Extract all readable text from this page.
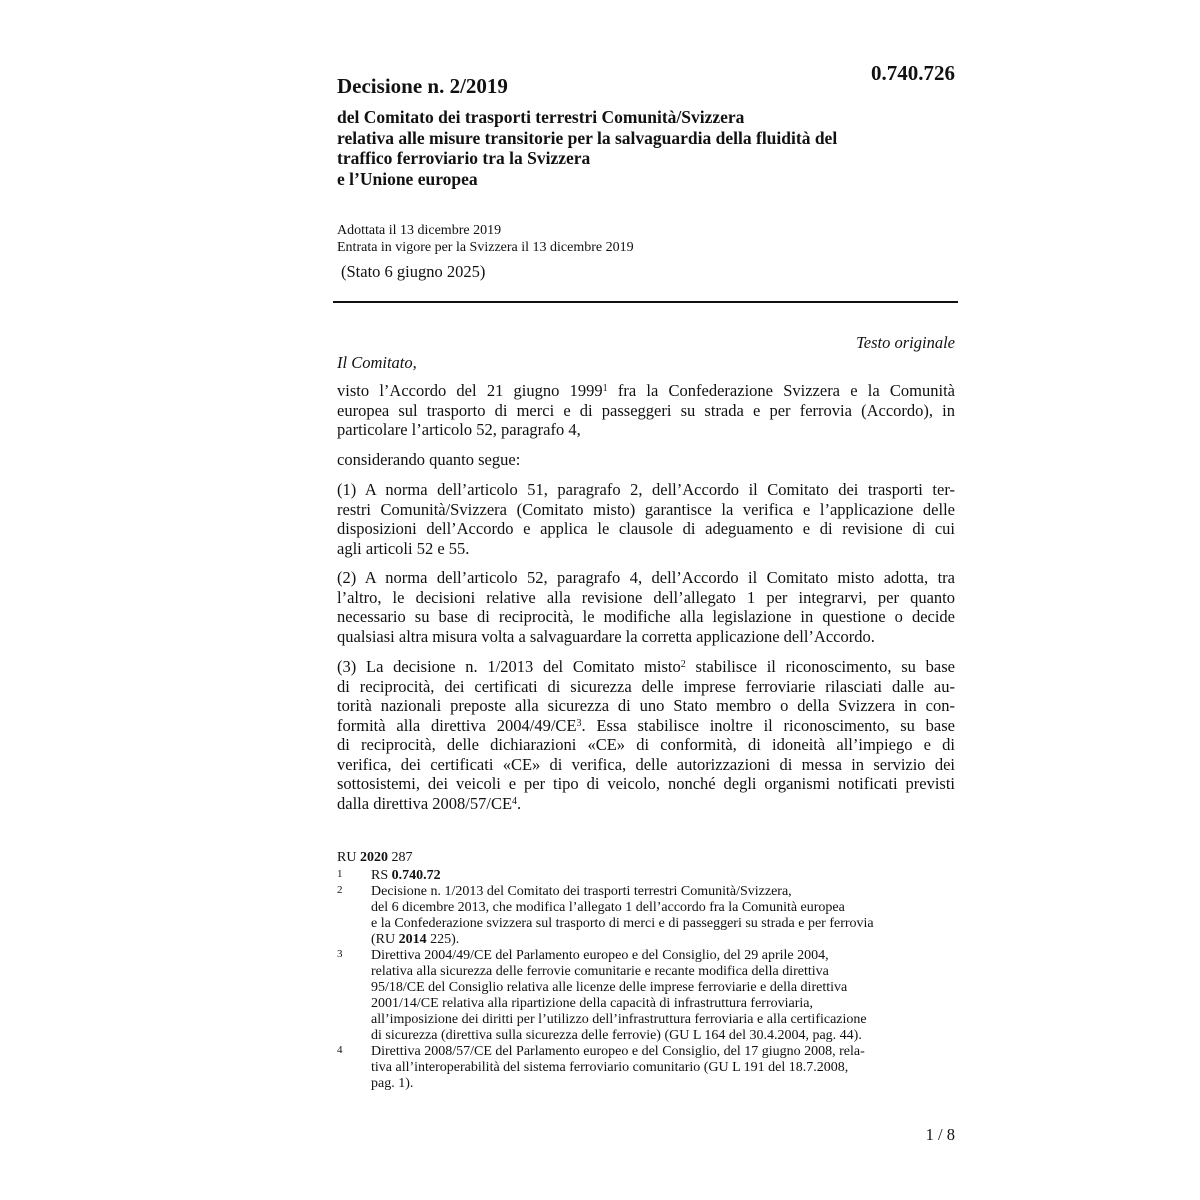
0.740.726
Decisione n. 2/2019
del Comitato dei trasporti terrestri Comunità/Svizzera
relativa alle misure transitorie per la salvaguardia della fluidità del
traffico ferroviario tra la Svizzera
e l’Unione europea
Adottata il 13 dicembre 2019
Entrata in vigore per la Svizzera il 13 dicembre 2019
(Stato 6 giugno 2025)
Testo originale
Il Comitato,
visto l’Accordo del 21 giugno 1999$^1$ fra la Confederazione Svizzera e la Comunità
europea sul trasporto di merci e di passeggeri su strada e per ferrovia (Accordo), in
particolare l’articolo 52, paragrafo 4,
considerando quanto segue:
(1) A norma dell’articolo 51, paragrafo 2, dell’Accordo il Comitato dei trasporti ter-
restri Comunità/Svizzera (Comitato misto) garantisce la verifica e l’applicazione delle
disposizioni dell’Accordo e applica le clausole di adeguamento e di revisione di cui
agli articoli 52 e 55.
(2) A norma dell’articolo 52, paragrafo 4, dell’Accordo il Comitato misto adotta, tra
l’altro, le decisioni relative alla revisione dell’allegato 1 per integrarvi, per quanto
necessario su base di reciprocità, le modifiche alla legislazione in questione o decide
qualsiasi altra misura volta a salvaguardare la corretta applicazione dell’Accordo.
(3) La decisione n. 1/2013 del Comitato misto$^2$ stabilisce il riconoscimento, su base
di reciprocità, dei certificati di sicurezza delle imprese ferroviarie rilasciati dalle au-
torità nazionali preposte alla sicurezza di uno Stato membro o della Svizzera in con-
formità alla direttiva $2004/49/CE^3$. Essa stabilisce inoltre il riconoscimento, su base
di reciprocità, delle dichiarazioni «CE» di conformità, di idoneità all’impiego e di
verifica, dei certificati «CE» di verifica, delle autorizzazioni di messa in servizio dei
sottosistemi, dei veicoli e per tipo di veicolo, nonché degli organismi notificati previsti
dalla direttiva $2008/57/CE^4$.
RU 2020 287
1 RS 0.740.72
2 Decisione n. 1/2013 del Comitato dei trasporti terrestri Comunità/Svizzera,
del 6 dicembre 2013, che modifica l’allegato 1 dell’accordo fra la Comunità europea
e la Confederazione svizzera sul trasporto di merci e di passeggeri su strada e per ferrovia
(RU 2014 225).
3 Direttiva 2004/49/CE del Parlamento europeo e del Consiglio, del 29 aprile 2004,
relativa alla sicurezza delle ferrovie comunitarie e recante modifica della direttiva
95/18/CE del Consiglio relativa alle licenze delle imprese ferroviarie e della direttiva
2001/14/CE relativa alla ripartizione della capacità di infrastruttura ferroviaria,
all’imposizione dei diritti per l’utilizzo dell’infrastruttura ferroviaria e alla certificazione
di sicurezza (direttiva sulla sicurezza delle ferrovie) (GU L 164 del 30.4.2004, pag. 44).
4 Direttiva 2008/57/CE del Parlamento europeo e del Consiglio, del 17 giugno 2008, rela-
tiva all’interoperabilità del sistema ferroviario comunitario (GU L 191 del 18.7.2008,
pag. 1).
1 / 8
